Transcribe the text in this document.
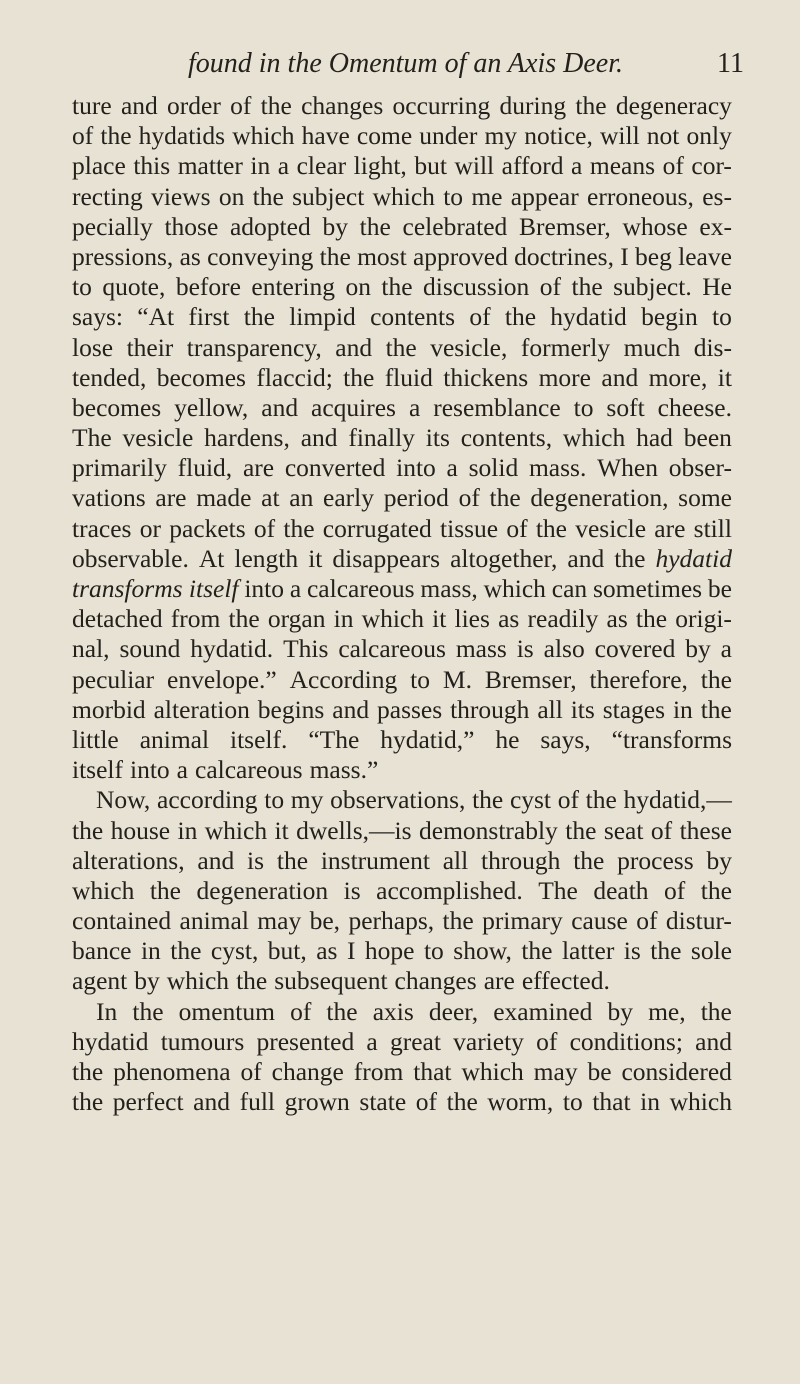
found in the Omentum of an Axis Deer.	11
ture and order of the changes occurring during the degeneracy
of the hydatids which have come under my notice, will not only
place this matter in a clear light, but will afford a means of cor-
recting views on the subject which to me appear erroneous, es-
pecially those adopted by the celebrated Bremser, whose ex-
pressions, as conveying the most approved doctrines, I beg leave
to quote, before entering on the discussion of the subject. He
says: “At first the limpid contents of the hydatid begin to
lose their transparency, and the vesicle, formerly much dis-
tended, becomes flaccid; the fluid thickens more and more, it
becomes yellow, and acquires a resemblance to soft cheese.
The vesicle hardens, and finally its contents, which had been
primarily fluid, are converted into a solid mass. When obser-
vations are made at an early period of the degeneration, some
traces or packets of the corrugated tissue of the vesicle are still
observable. At length it disappears altogether, and the hydatid
transforms itself into a calcareous mass, which can sometimes be
detached from the organ in which it lies as readily as the origi-
nal, sound hydatid. This calcareous mass is also covered by a
peculiar envelope.” According to M. Bremser, therefore, the
morbid alteration begins and passes through all its stages in the
little animal itself. “The hydatid,” he says, “transforms
itself into a calcareous mass.”
Now, according to my observations, the cyst of the hydatid,—
the house in which it dwells,—is demonstrably the seat of these
alterations, and is the instrument all through the process by
which the degeneration is accomplished. The death of the
contained animal may be, perhaps, the primary cause of distur-
bance in the cyst, but, as I hope to show, the latter is the sole
agent by which the subsequent changes are effected.
In the omentum of the axis deer, examined by me, the
hydatid tumours presented a great variety of conditions; and
the phenomena of change from that which may be considered
the perfect and full grown state of the worm, to that in which
